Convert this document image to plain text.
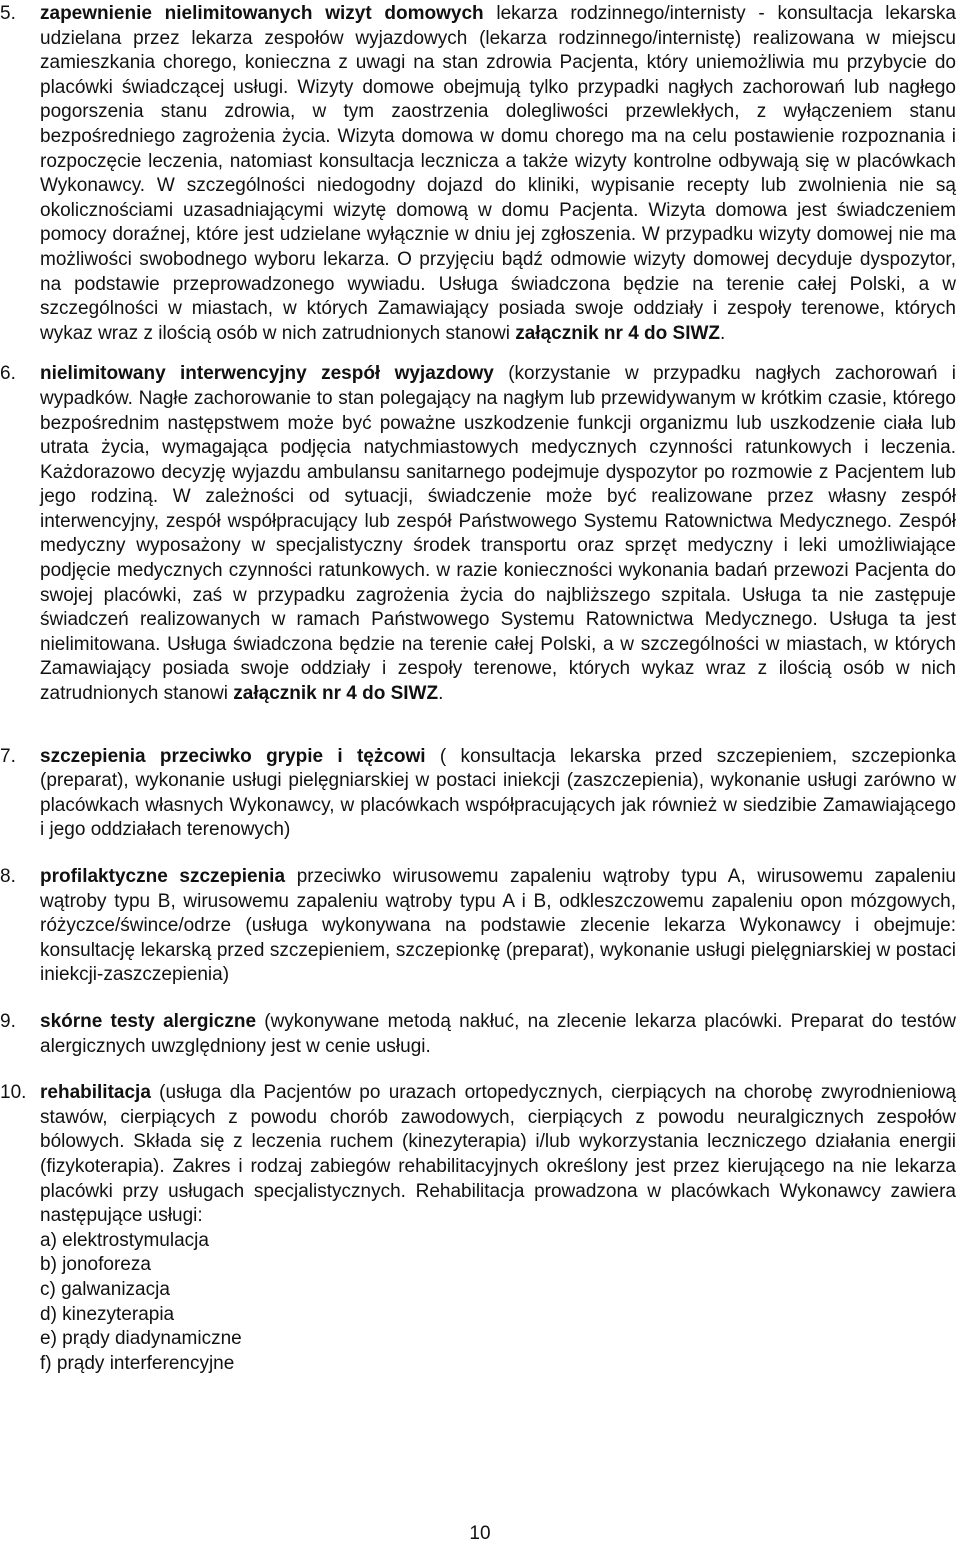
5. zapewnienie nielimitowanych wizyt domowych lekarza rodzinnego/internisty - konsultacja lekarska udzielana przez lekarza zespołów wyjazdowych (lekarza rodzinnego/internistę) realizowana w miejscu zamieszkania chorego, konieczna z uwagi na stan zdrowia Pacjenta, który uniemożliwia mu przybycie do placówki świadczącej usługi. Wizyty domowe obejmują tylko przypadki nagłych zachorowań lub nagłego pogorszenia stanu zdrowia, w tym zaostrzenia dolegliwości przewlekłych, z wyłączeniem stanu bezpośredniego zagrożenia życia. Wizyta domowa w domu chorego ma na celu postawienie rozpoznania i rozpoczęcie leczenia, natomiast konsultacja lecznicza a także wizyty kontrolne odbywają się w placówkach Wykonawcy. W szczególności niedogodny dojazd do kliniki, wypisanie recepty lub zwolnienia nie są okolicznościami uzasadniającymi wizytę domową w domu Pacjenta. Wizyta domowa jest świadczeniem pomocy doraźnej, które jest udzielane wyłącznie w dniu jej zgłoszenia. W przypadku wizyty domowej nie ma możliwości swobodnego wyboru lekarza. O przyjęciu bądź odmowie wizyty domowej decyduje dyspozytor, na podstawie przeprowadzonego wywiadu. Usługa świadczona będzie na terenie całej Polski, a w szczególności w miastach, w których Zamawiający posiada swoje oddziały i zespoły terenowe, których wykaz wraz z ilością osób w nich zatrudnionych stanowi załącznik nr 4 do SIWZ.

6. nielimitowany interwencyjny zespół wyjazdowy (korzystanie w przypadku nagłych zachorowań i wypadków. Nagłe zachorowanie to stan polegający na nagłym lub przewidywanym w krótkim czasie, którego bezpośrednim następstwem może być poważne uszkodzenie funkcji organizmu lub uszkodzenie ciała lub utrata życia, wymagająca podjęcia natychmiastowych medycznych czynności ratunkowych i leczenia. Każdorazowo decyzję wyjazdu ambulansu sanitarnego podejmuje dyspozytor po rozmowie z Pacjentem lub jego rodziną. W zależności od sytuacji, świadczenie może być realizowane przez własny zespół interwencyjny, zespół współpracujący lub zespół Państwowego Systemu Ratownictwa Medycznego. Zespół medyczny wyposażony w specjalistyczny środek transportu oraz sprzęt medyczny i leki umożliwiające podjęcie medycznych czynności ratunkowych. w razie konieczności wykonania badań przewozi Pacjenta do swojej placówki, zaś w przypadku zagrożenia życia do najbliższego szpitala. Usługa ta nie zastępuje świadczeń realizowanych w ramach Państwowego Systemu Ratownictwa Medycznego. Usługa ta jest nielimitowana. Usługa świadczona będzie na terenie całej Polski, a w szczególności w miastach, w których Zamawiający posiada swoje oddziały i zespoły terenowe, których wykaz wraz z ilością osób w nich zatrudnionych stanowi załącznik nr 4 do SIWZ.

7. szczepienia przeciwko grypie i tężcowi ( konsultacja lekarska przed szczepieniem, szczepionka (preparat), wykonanie usługi pielęgniarskiej w postaci iniekcji (zaszczepienia), wykonanie usługi zarówno w placówkach własnych Wykonawcy, w placówkach współpracujących jak również w siedzibie Zamawiającego i jego oddziałach terenowych)

8. profilaktyczne szczepienia przeciwko wirusowemu zapaleniu wątroby typu A, wirusowemu zapaleniu wątroby typu B, wirusowemu zapaleniu wątroby typu A i B, odkleszczowemu zapaleniu opon mózgowych, różyczce/śwince/odrze (usługa wykonywana na podstawie zlecenie lekarza Wykonawcy i obejmuje: konsultację lekarską przed szczepieniem, szczepionkę (preparat), wykonanie usługi pielęgniarskiej w postaci iniekcji-zaszczepienia)

9. skórne testy alergiczne (wykonywane metodą nakłuć, na zlecenie lekarza placówki. Preparat do testów alergicznych uwzględniony jest w cenie usługi.

10. rehabilitacja (usługa dla Pacjentów po urazach ortopedycznych, cierpiących na chorobę zwyrodnieniową stawów, cierpiących z powodu chorób zawodowych, cierpiących z powodu neuralgicznych zespołów bólowych. Składa się z leczenia ruchem (kinezyterapia) i/lub wykorzystania leczniczego działania energii (fizykoterapia). Zakres i rodzaj zabiegów rehabilitacyjnych określony jest przez kierującego na nie lekarza placówki przy usługach specjalistycznych. Rehabilitacja prowadzona w placówkach Wykonawcy zawiera następujące usługi:

a) elektrostymulacja
b) jonoforeza
c) galwanizacja
d) kinezyterapia
e) prądy diadynamiczne
f) prądy interferencyjne
10
